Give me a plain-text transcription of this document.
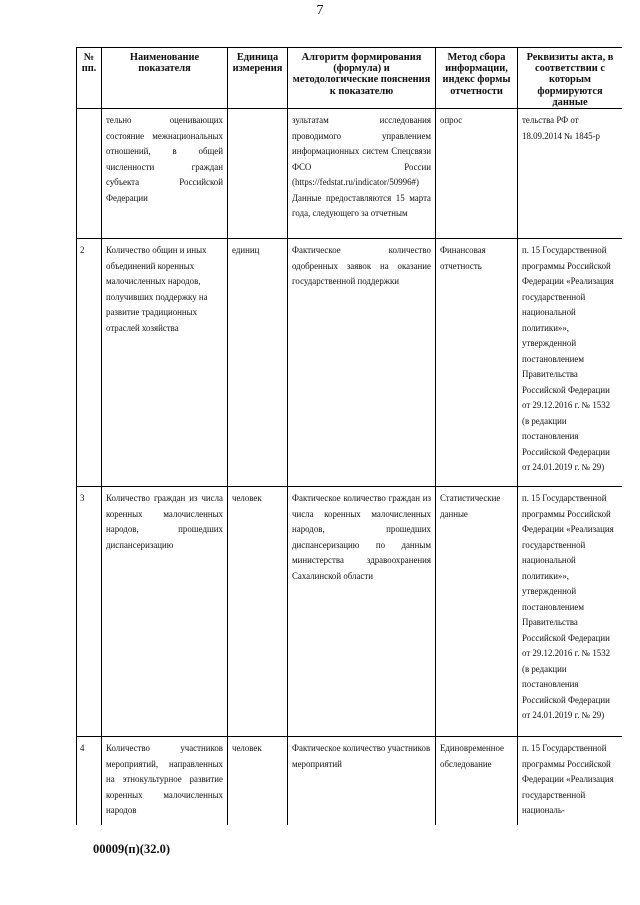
7
№ пп.	Наименование показателя	Единица измерения	Алгоритм формирования (формула) и методологические пояснения к показателю	Метод сбора информации, индекс формы отчетности	Реквизиты акта, в соответствии с которым формируются данные
	тельно оценивающих состояние межнациональных отношений, в общей численности граждан субъекта Российской Федерации		зультатам исследования проводимого управлением информационных систем Спецсвязи ФСО России (https://fedstat.ru/indicator/50996#) Данные предоставляются 15 марта года, следующего за отчетным	опрос	тельства РФ от 18.09.2014 № 1845-р
2	Количество общин и иных объединений коренных малочисленных народов, получивших поддержку на развитие традиционных отраслей хозяйства	единиц	Фактическое количество одобренных заявок на оказание государственной поддержки	Финансовая отчетность	п. 15 Государственной программы Российской Федерации «Реализация государственной национальной политики»», утвержденной постановлением Правительства Российской Федерации от 29.12.2016 г. № 1532 (в редакции постановления Российской Федерации от 24.01.2019 г. № 29)
3	Количество граждан из числа коренных малочисленных народов, прошедших диспансеризацию	человек	Фактическое количество граждан из числа коренных малочисленных народов, прошедших диспансеризацию по данным министерства здравоохранения Сахалинской области	Статистические данные	п. 15 Государственной программы Российской Федерации «Реализация государственной национальной политики»», утвержденной постановлением Правительства Российской Федерации от 29.12.2016 г. № 1532 (в редакции постановления Российской Федерации от 24.01.2019 г. № 29)
4	Количество участников мероприятий, направленных на этнокультурное развитие коренных малочисленных народов	человек	Фактическое количество участников мероприятий	Единовременное обследование	п. 15 Государственной программы Российской Федерации «Реализация государственной националь-
00009(п)(32.0)
